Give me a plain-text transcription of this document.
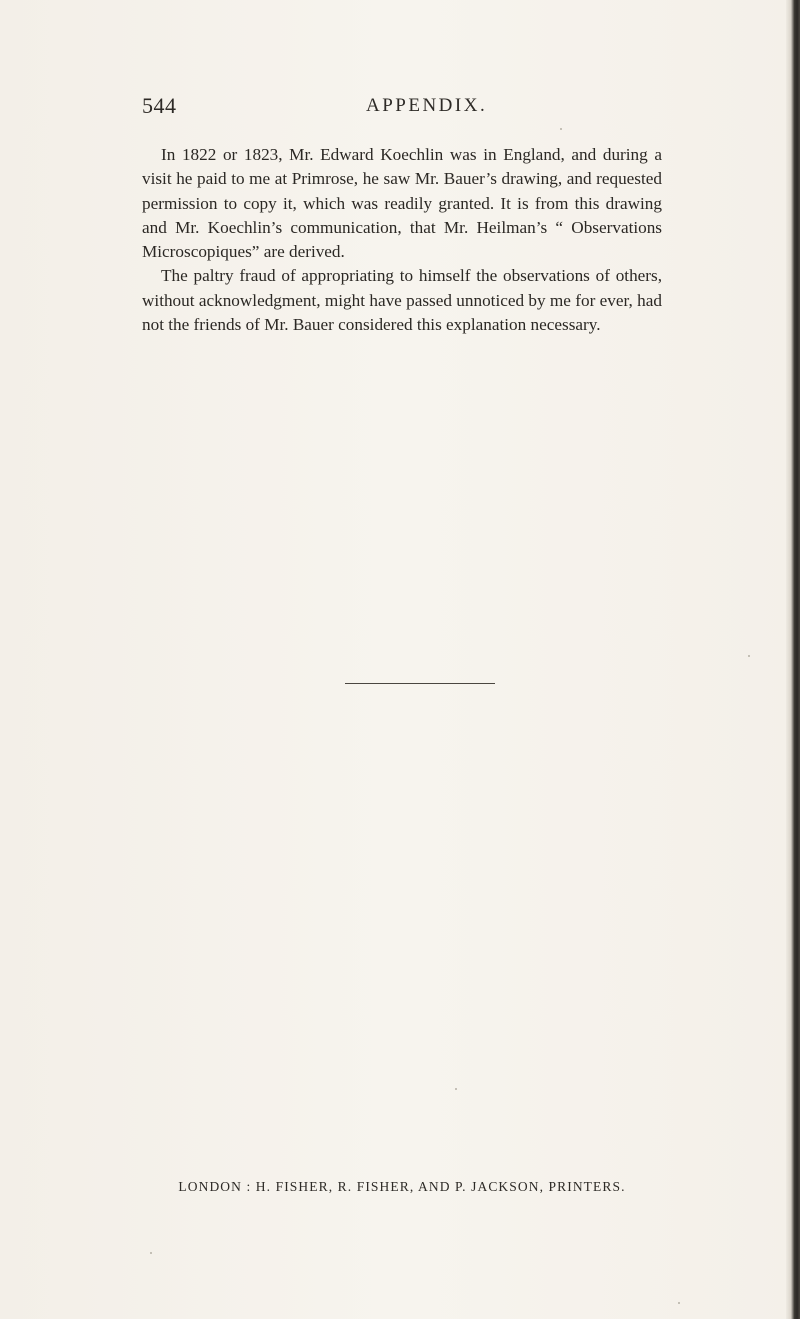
544	APPENDIX.

In 1822 or 1823, Mr. Edward Koechlin was in England, and during a visit he paid to me at Primrose, he saw Mr. Bauer’s drawing, and requested permission to copy it, which was readily granted. It is from this drawing and Mr. Koechlin’s communication, that Mr. Heilman’s “ Observations Microscopiques” are derived.

The paltry fraud of appropriating to himself the observations of others, without acknowledgment, might have passed unnoticed by me for ever, had not the friends of Mr. Bauer considered this explanation necessary.

LONDON : H. FISHER, R. FISHER, AND P. JACKSON, PRINTERS.
